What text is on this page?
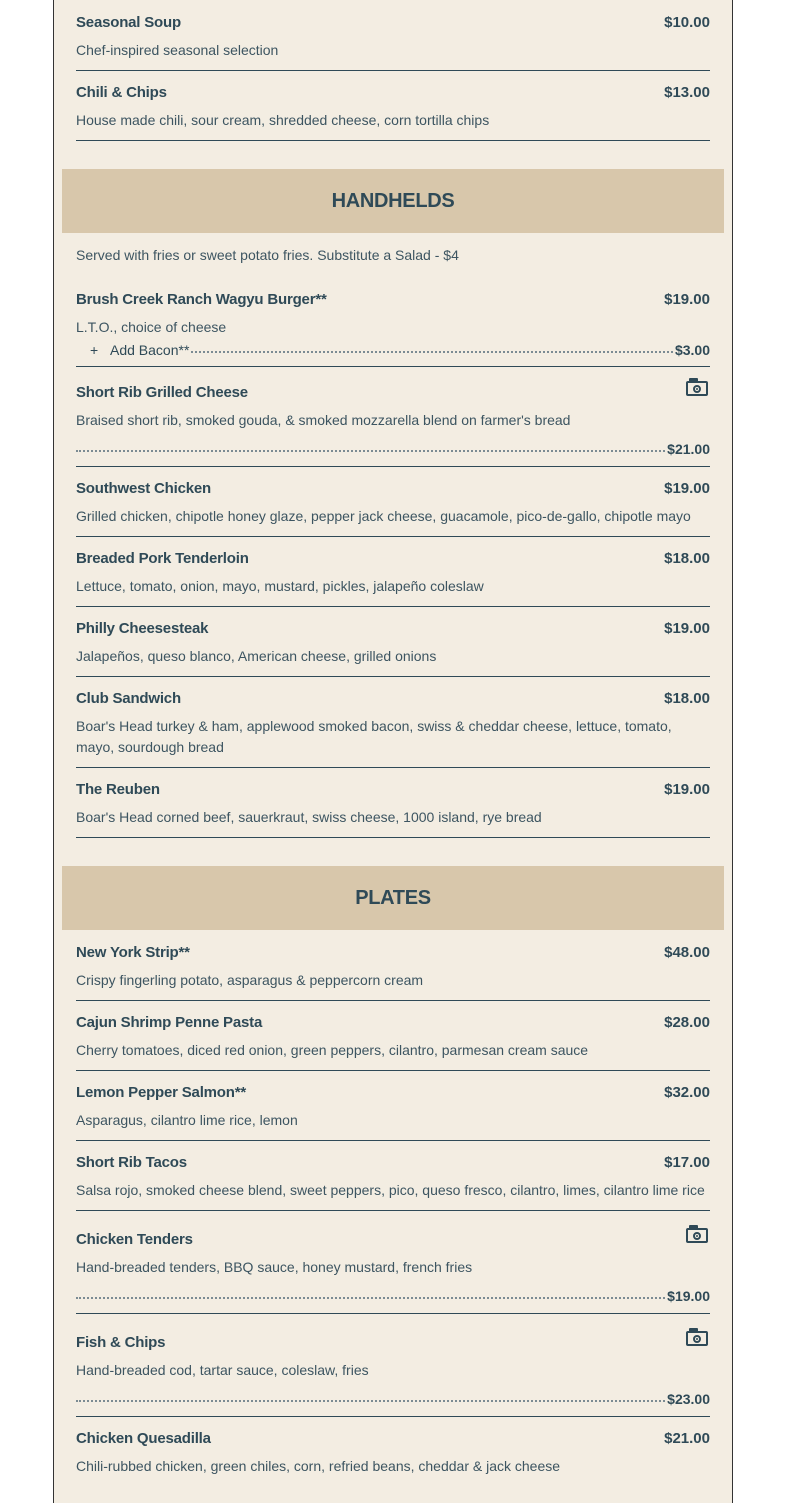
Seasonal Soup	$10.00
Chef-inspired seasonal selection
Chili & Chips	$13.00
House made chili, sour cream, shredded cheese, corn tortilla chips
HANDHELDS
Served with fries or sweet potato fries. Substitute a Salad - $4
Brush Creek Ranch Wagyu Burger**	$19.00
L.T.O., choice of cheese
+ Add Bacon**	$3.00
Short Rib Grilled Cheese
Braised short rib, smoked gouda, & smoked mozzarella blend on farmer's bread
$21.00
Southwest Chicken	$19.00
Grilled chicken, chipotle honey glaze, pepper jack cheese, guacamole, pico-de-gallo, chipotle mayo
Breaded Pork Tenderloin	$18.00
Lettuce, tomato, onion, mayo, mustard, pickles, jalapeño coleslaw
Philly Cheesesteak	$19.00
Jalapeños, queso blanco, American cheese, grilled onions
Club Sandwich	$18.00
Boar's Head turkey & ham, applewood smoked bacon, swiss & cheddar cheese, lettuce, tomato, mayo, sourdough bread
The Reuben	$19.00
Boar's Head corned beef, sauerkraut, swiss cheese, 1000 island, rye bread
PLATES
New York Strip**	$48.00
Crispy fingerling potato, asparagus & peppercorn cream
Cajun Shrimp Penne Pasta	$28.00
Cherry tomatoes, diced red onion, green peppers, cilantro, parmesan cream sauce
Lemon Pepper Salmon**	$32.00
Asparagus, cilantro lime rice, lemon
Short Rib Tacos	$17.00
Salsa rojo, smoked cheese blend, sweet peppers, pico, queso fresco, cilantro, limes, cilantro lime rice
Chicken Tenders
Hand-breaded tenders, BBQ sauce, honey mustard, french fries
$19.00
Fish & Chips
Hand-breaded cod, tartar sauce, coleslaw, fries
$23.00
Chicken Quesadilla	$21.00
Chili-rubbed chicken, green chiles, corn, refried beans, cheddar & jack cheese
